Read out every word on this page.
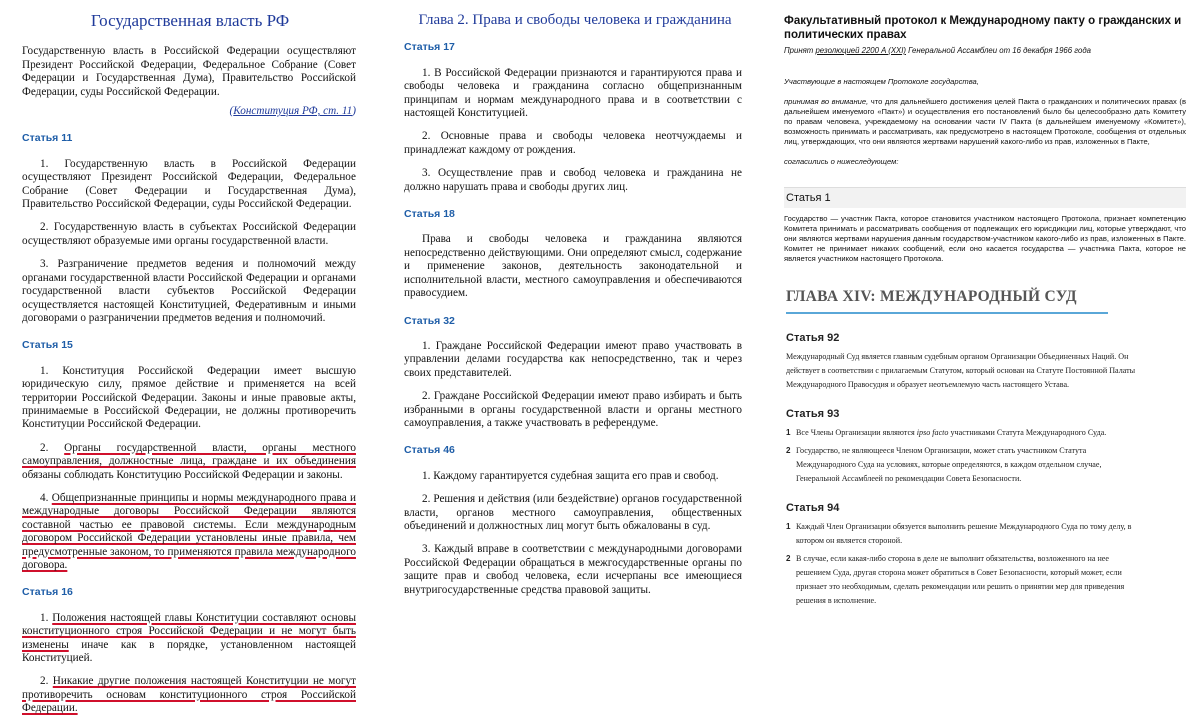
Государственная власть РФ

Государственную власть в Российской Федерации осуществляют Президент Российской Федерации, Федеральное Собрание (Совет Федерации и Государственная Дума), Правительство Российской Федерации, суды Российской Федерации.

(Конституция РФ, ст. 11)

Статья 11

1. Государственную власть в Российской Федерации осуществляют Президент Российской Федерации, Федеральное Собрание (Совет Федерации и Государственная Дума), Правительство Российской Федерации, суды Российской Федерации.

2. Государственную власть в субъектах Российской Федерации осуществляют образуемые ими органы государственной власти.

3. Разграничение предметов ведения и полномочий между органами государственной власти Российской Федерации и органами государственной власти субъектов Российской Федерации осуществляется настоящей Конституцией, Федеративным и иными договорами о разграничении предметов ведения и полномочий.

Статья 15

1. Конституция Российской Федерации имеет высшую юридическую силу, прямое действие и применяется на всей территории Российской Федерации. Законы и иные правовые акты, принимаемые в Российской Федерации, не должны противоречить Конституции Российской Федерации.

2. Органы государственной власти, органы местного самоуправления, должностные лица, граждане и их объединения обязаны соблюдать Конституцию Российской Федерации и законы.

4. Общепризнанные принципы и нормы международного права и международные договоры Российской Федерации являются составной частью ее правовой системы. Если международным договором Российской Федерации установлены иные правила, чем предусмотренные законом, то применяются правила международного договора.

Статья 16

1. Положения настоящей главы Конституции составляют основы конституционного строя Российской Федерации и не могут быть изменены иначе как в порядке, установленном настоящей Конституцией.

2. Никакие другие положения настоящей Конституции не могут противоречить основам конституционного строя Российской Федерации.

Глава 2. Права и свободы человека и гражданина
Статья 17

1. В Российской Федерации признаются и гарантируются права и свободы человека и гражданина согласно общепризнанным принципам и нормам международного права и в соответствии с настоящей Конституцией.

2. Основные права и свободы человека неотчуждаемы и принадлежат каждому от рождения.

3. Осуществление прав и свобод человека и гражданина не должно нарушать права и свободы других лиц.

Статья 18

Права и свободы человека и гражданина являются непосредственно действующими. Они определяют смысл, содержание и применение законов, деятельность законодательной и исполнительной власти, местного самоуправления и обеспечиваются правосудием.

Статья 32

1. Граждане Российской Федерации имеют право участвовать в управлении делами государства как непосредственно, так и через своих представителей.

2. Граждане Российской Федерации имеют право избирать и быть избранными в органы государственной власти и органы местного самоуправления, а также участвовать в референдуме.

Статья 46

1. Каждому гарантируется судебная защита его прав и свобод.

2. Решения и действия (или бездействие) органов государственной власти, органов местного самоуправления, общественных объединений и должностных лиц могут быть обжалованы в суд.

3. Каждый вправе в соответствии с международными договорами Российской Федерации обращаться в межгосударственные органы по защите прав и свобод человека, если исчерпаны все имеющиеся внутригосударственные средства правовой защиты.

Факультативный протокол к Международному пакту о гражданских и политических правах
Принят резолюцией 2200 A (XXI) Генеральной Ассамблеи от 16 декабря 1966 года

Участвующие в настоящем Протоколе государства,

принимая во внимание, что для дальнейшего достижения целей Пакта о гражданских и политических правах (в дальнейшем именуемого «Пакт») и осуществления его постановлений было бы целесообразно дать Комитету по правам человека, учреждаемому на основании части IV Пакта (в дальнейшем именуемому «Комитет»), возможность принимать и рассматривать, как предусмотрено в настоящем Протоколе, сообщения от отдельных лиц, утверждающих, что они являются жертвами нарушений какого-либо из прав, изложенных в Пакте,

согласились о нижеследующем:

Статья 1

Государство — участник Пакта, которое становится участником настоящего Протокола, признает компетенцию Комитета принимать и рассматривать сообщения от подлежащих его юрисдикции лиц, которые утверждают, что они являются жертвами нарушения данным государством-участником какого-либо из прав, изложенных в Пакте. Комитет не принимает никаких сообщений, если оно касается государства — участника Пакта, которое не является участником настоящего Протокола.

ГЛАВА XIV: МЕЖДУНАРОДНЫЙ СУД
Статья 92

Международный Суд является главным судебным органом Организации Объединенных Наций. Он действует в соответствии с прилагаемым Статутом, который основан на Статуте Постоянной Палаты Международного Правосудия и образует неотъемлемую часть настоящего Устава.

Статья 93
1 Все Члены Организации являются ipso facto участниками Статута Международного Суда.
2 Государство, не являющееся Членом Организации, может стать участником Статута Международного Суда на условиях, которые определяются, в каждом отдельном случае, Генеральной Ассамблеей по рекомендации Совета Безопасности.
Статья 94
1 Каждый Член Организации обязуется выполнить решение Международного Суда по тому делу, в котором он является стороной.
2 В случае, если какая-либо сторона в деле не выполнит обязательства, возложенного на нее решением Суда, другая сторона может обратиться в Совет Безопасности, который может, если признает это необходимым, сделать рекомендации или решить о принятии мер для приведения решения в исполнение.
